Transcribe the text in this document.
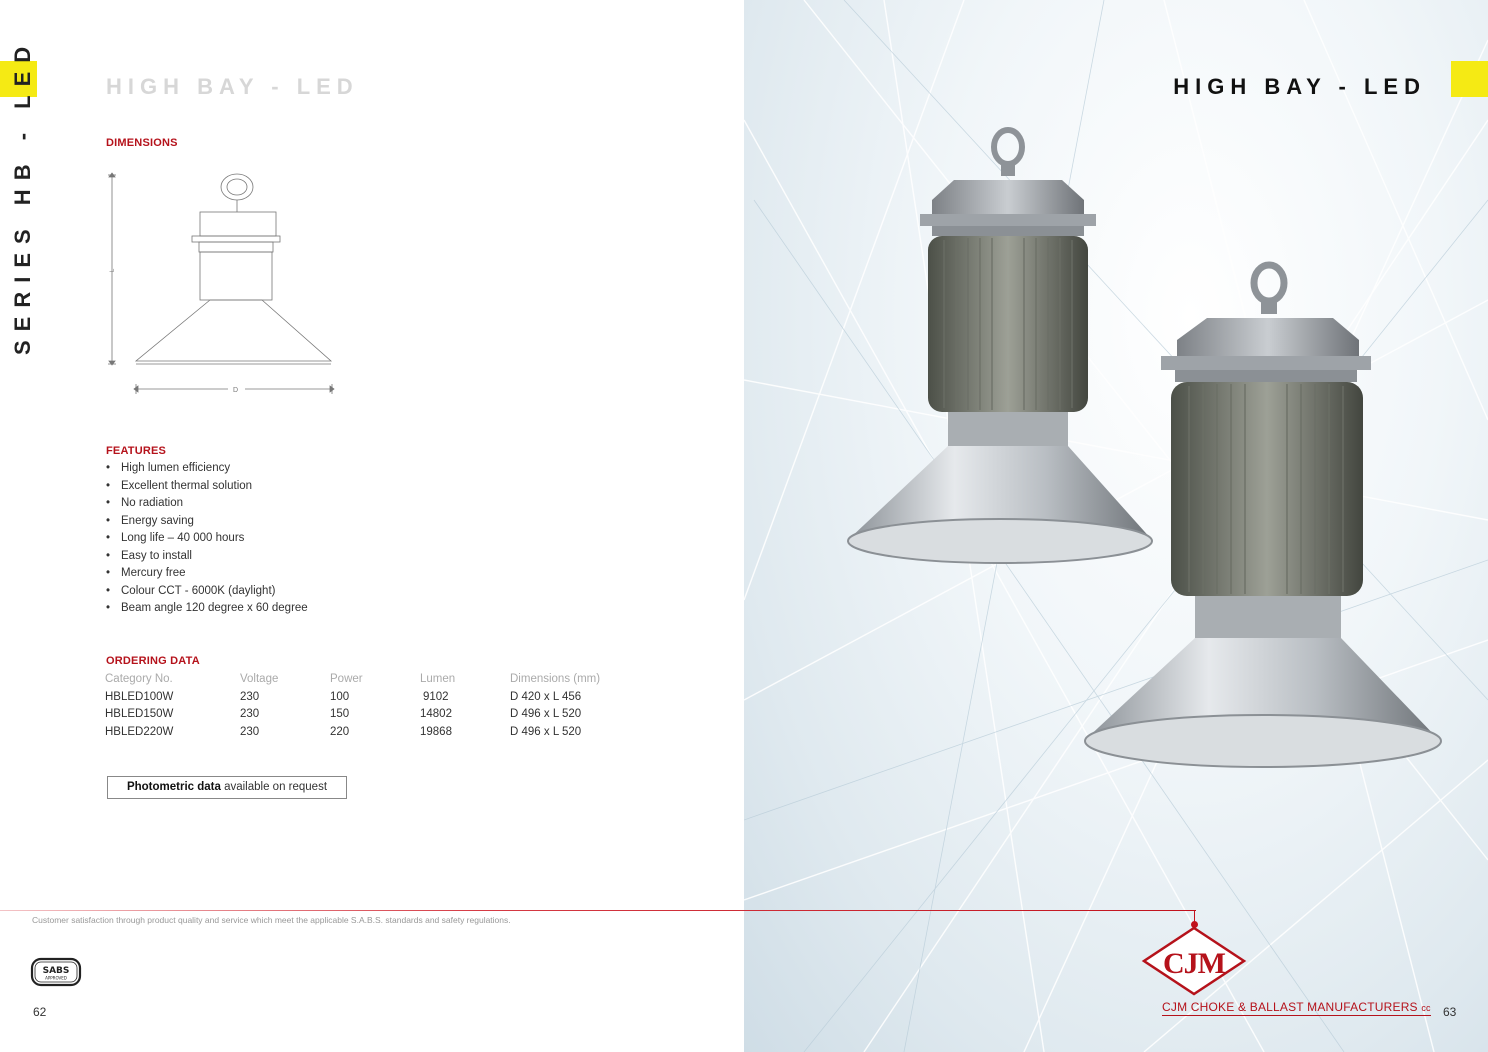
SERIES HB - LED	HIGH BAY - LED
DIMENSIONS
L
D
FEATURES
• High lumen efficiency
• Excellent thermal solution
• No radiation
• Energy saving
• Long life – 40 000 hours
• Easy to install
• Mercury free
• Colour CCT - 6000K (daylight)
• Beam angle 120 degree x 60 degree
ORDERING DATA
Category No.	Voltage	Power	Lumen	Dimensions (mm)
HBLED100W	230	100	9102	D 420 x L 456
HBLED150W	230	150	14802	D 496 x L 520
HBLED220W	230	220	19868	D 496 x L 520
Photometric data available on request
Customer satisfaction through product quality and service which meet the applicable S.A.B.S. standards and safety regulations.
SABS
APPROVED
62
HIGH BAY - LED
63
CJM
CJM CHOKE & BALLAST MANUFACTURERS cc
